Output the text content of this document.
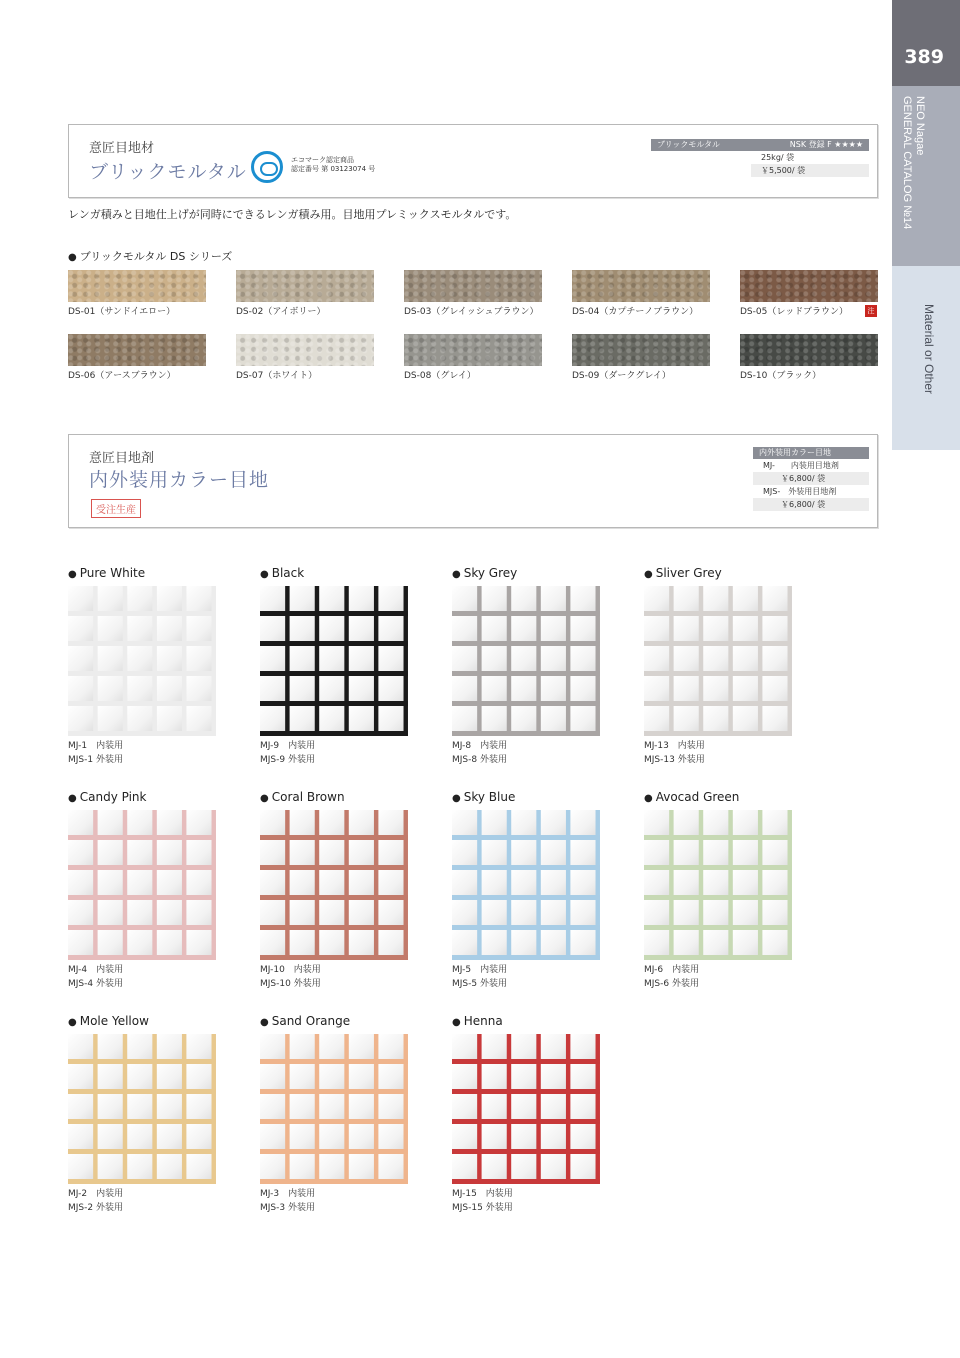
389
NEO Nagae
GENERAL CATALOG №14
Material or Other
意匠目地材
ブリックモルタル
エコマーク認定商品
認定番号 第 03123074 号
ブリックモルタル	NSK 登録 F ★★★★
25kg/ 袋
￥5,500/ 袋
レンガ積みと目地仕上げが同時にできるレンガ積み用。目地用プレミックスモルタルです。
● ブリックモルタル DS シリーズ
DS-01（サンドイエロー）	DS-02（アイボリー）	DS-03（グレイッシュブラウン）	DS-04（カプチーノブラウン）	DS-05（レッドブラウン）
DS-06（アースブラウン）	DS-07（ホワイト）	DS-08（グレイ）	DS-09（ダークグレイ）	DS-10（ブラック）
注
意匠目地剤
内外装用カラー目地
受注生産
内外装用カラー目地
MJ-　　内装用目地剤
￥6,800/ 袋
MJS-　外装用目地剤
￥6,800/ 袋
● Pure White
MJ-1　内装用
MJS-1 外装用
● Black
MJ-9　内装用
MJS-9 外装用
● Sky Grey
MJ-8　内装用
MJS-8 外装用
● Sliver Grey
MJ-13　内装用
MJS-13 外装用
● Candy Pink
MJ-4　内装用
MJS-4 外装用
● Coral Brown
MJ-10　内装用
MJS-10 外装用
● Sky Blue
MJ-5　内装用
MJS-5 外装用
● Avocad Green
MJ-6　内装用
MJS-6 外装用
● Mole Yellow
MJ-2　内装用
MJS-2 外装用
● Sand Orange
MJ-3　内装用
MJS-3 外装用
● Henna
MJ-15　内装用
MJS-15 外装用
